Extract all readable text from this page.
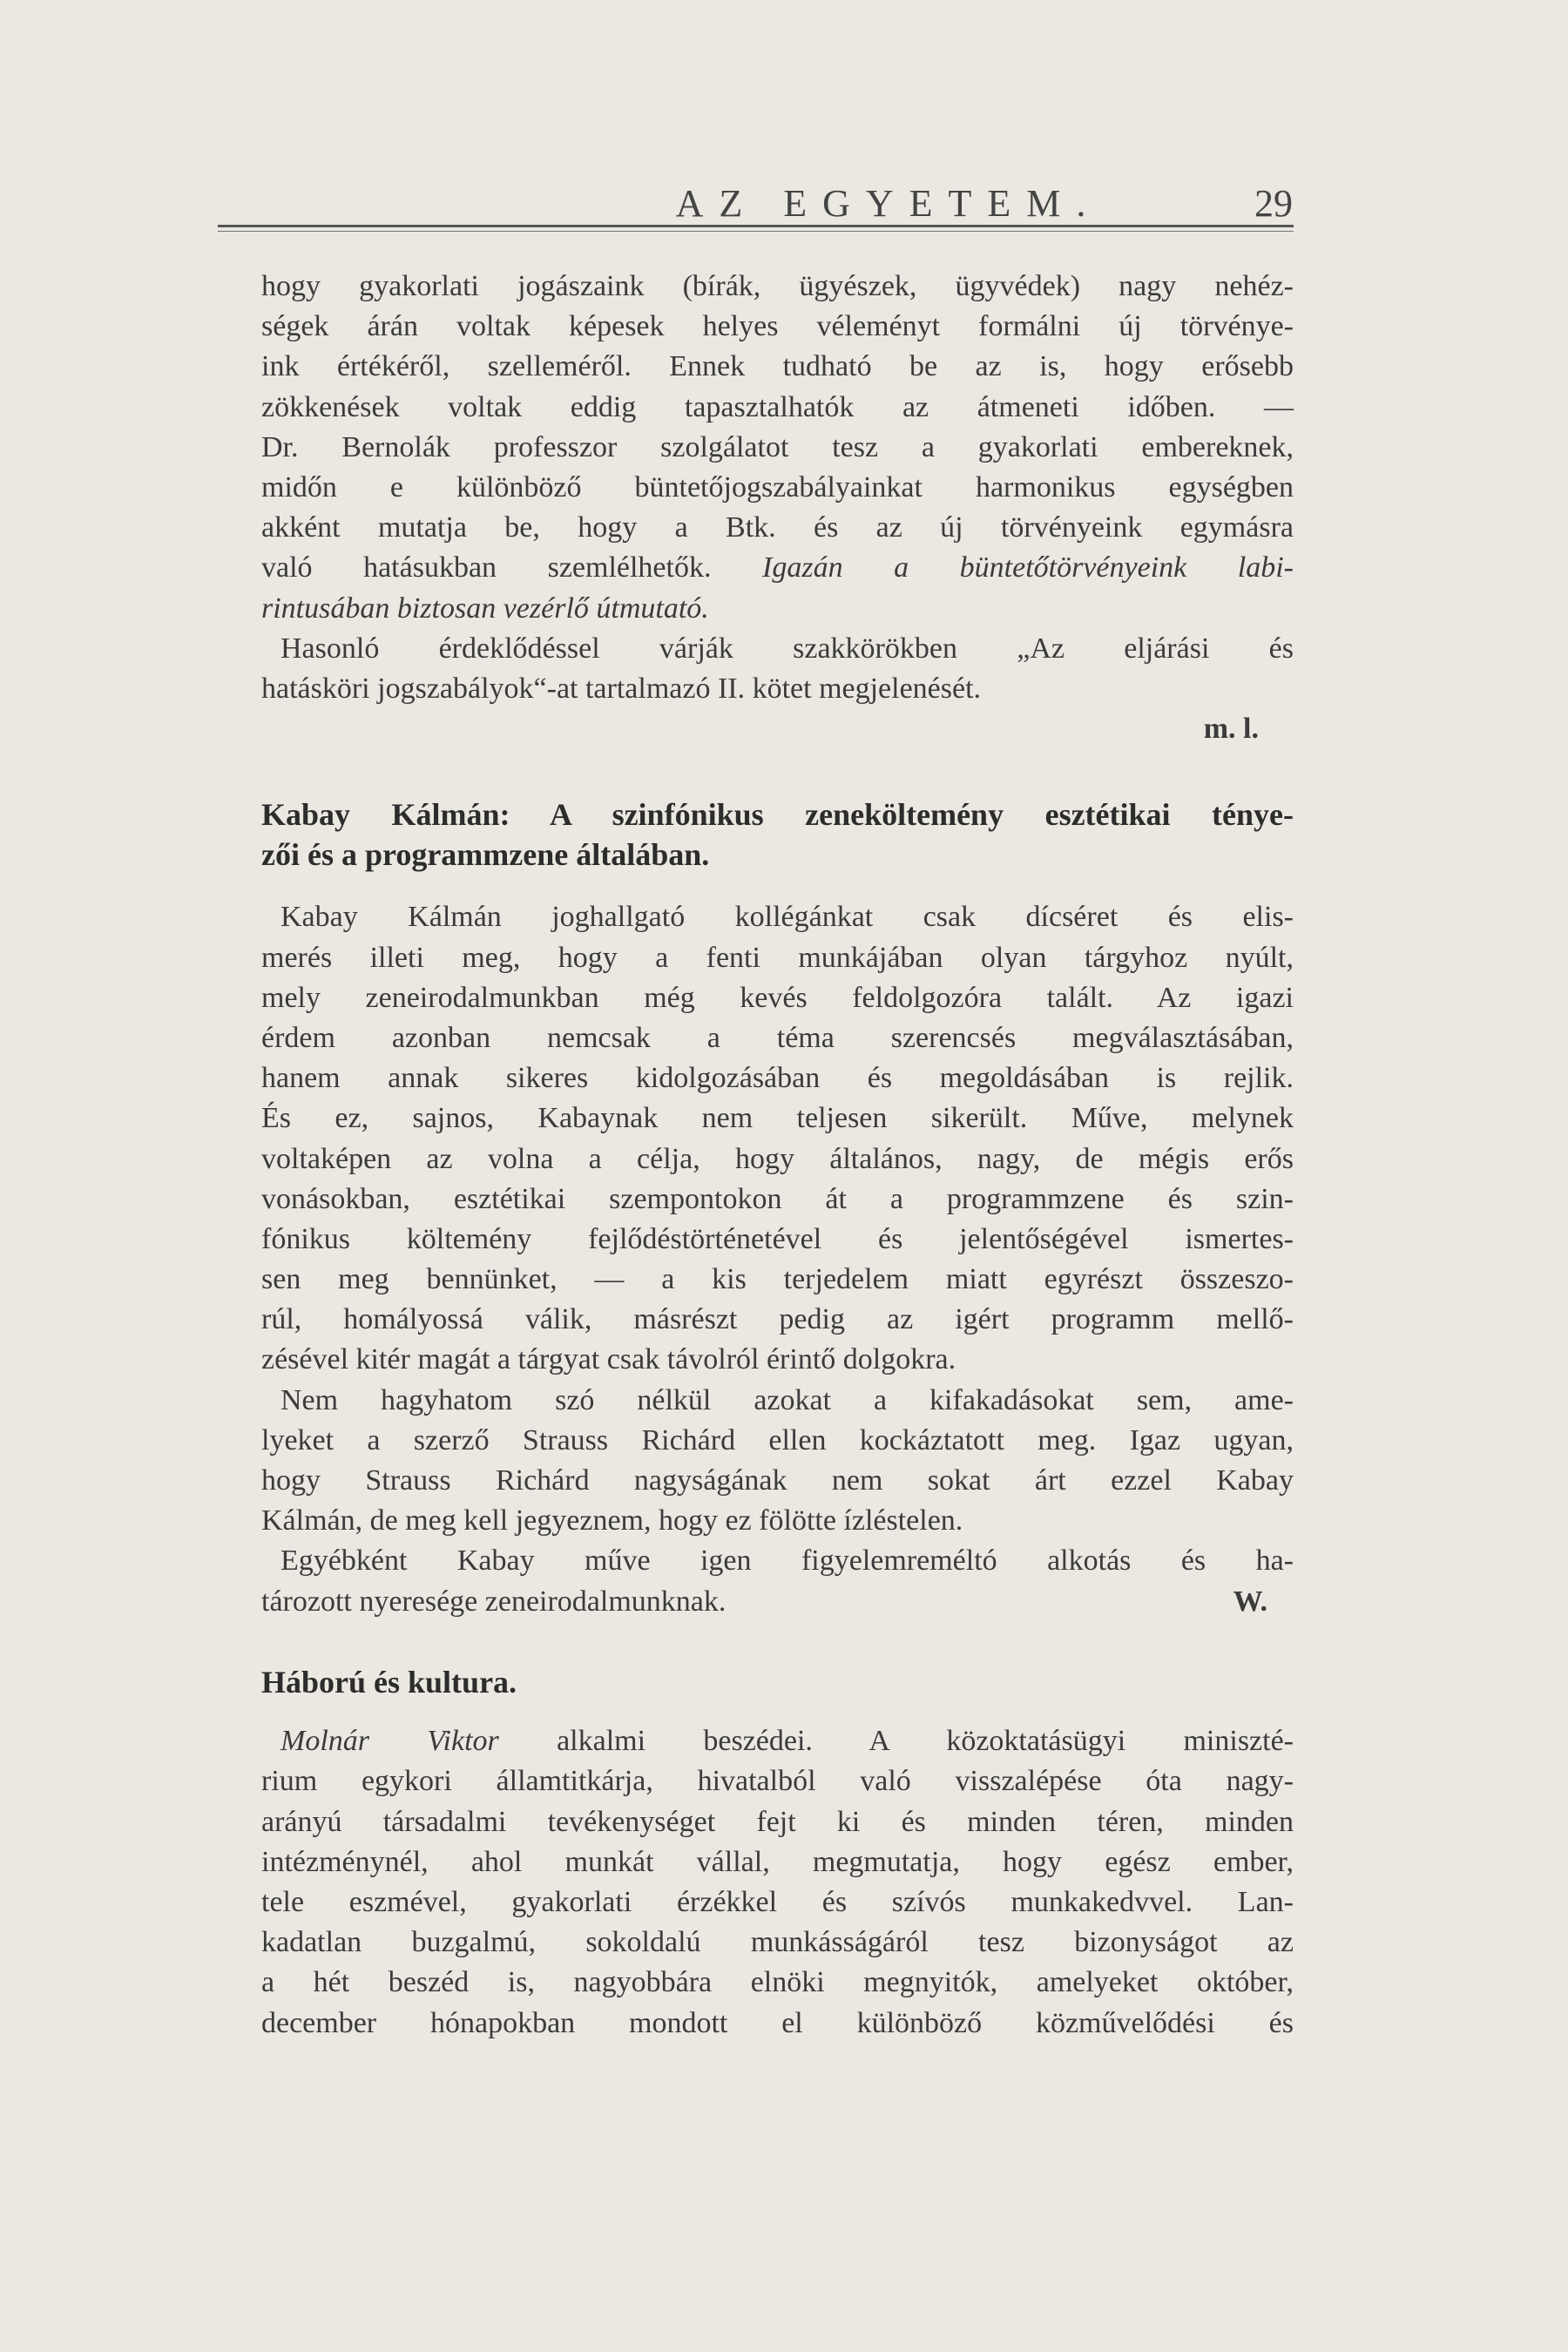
AZ EGYETEM.	29
hogy gyakorlati jogászaink (bírák, ügyészek, ügyvédek) nagy nehéz-
ségek árán voltak képesek helyes véleményt formálni új törvénye-
ink értékéről, szelleméről. Ennek tudható be az is, hogy erősebb
zökkenések voltak eddig tapasztalhatók az átmeneti időben. —
Dr. Bernolák professzor szolgálatot tesz a gyakorlati embereknek,
midőn e különböző büntetőjogszabályainkat harmonikus egységben
akként mutatja be, hogy a Btk. és az új törvényeink egymásra
való hatásukban szemlélhetők. Igazán a büntetőtörvényeink labi-
rintusában biztosan vezérlő útmutató.
Hasonló érdeklődéssel várják szakkörökben „Az eljárási és
hatásköri jogszabályok“-at tartalmazó II. kötet megjelenését.
m. l.
Kabay Kálmán: A szinfónikus zeneköltemény esztétikai ténye-
zői és a programmzene általában.
Kabay Kálmán joghallgató kollégánkat csak dícséret és elis-
merés illeti meg, hogy a fenti munkájában olyan tárgyhoz nyúlt,
mely zeneirodalmunkban még kevés feldolgozóra talált. Az igazi
érdem azonban nemcsak a téma szerencsés megválasztásában,
hanem annak sikeres kidolgozásában és megoldásában is rejlik.
És ez, sajnos, Kabaynak nem teljesen sikerült. Műve, melynek
voltaképen az volna a célja, hogy általános, nagy, de mégis erős
vonásokban, esztétikai szempontokon át a programmzene és szin-
fónikus költemény fejlődéstörténetével és jelentőségével ismertes-
sen meg bennünket, — a kis terjedelem miatt egyrészt összeszo-
rúl, homályossá válik, másrészt pedig az igért programm mellő-
zésével kitér magát a tárgyat csak távolról érintő dolgokra.
Nem hagyhatom szó nélkül azokat a kifakadásokat sem, ame-
lyeket a szerző Strauss Richárd ellen kockáztatott meg. Igaz ugyan,
hogy Strauss Richárd nagyságának nem sokat árt ezzel Kabay
Kálmán, de meg kell jegyeznem, hogy ez fölötte ízléstelen.
Egyébként Kabay műve igen figyelemreméltó alkotás és ha-
tározott nyeresége zeneirodalmunknak.	W.
Háború és kultura.
Molnár Viktor alkalmi beszédei. A közoktatásügyi miniszté-
rium egykori államtitkárja, hivatalból való visszalépése óta nagy-
arányú társadalmi tevékenységet fejt ki és minden téren, minden
intézménynél, ahol munkát vállal, megmutatja, hogy egész ember,
tele eszmével, gyakorlati érzékkel és szívós munkakedvvel. Lan-
kadatlan buzgalmú, sokoldalú munkásságáról tesz bizonyságot az
a hét beszéd is, nagyobbára elnöki megnyitók, amelyeket október,
december hónapokban mondott el különböző közművelődési és
